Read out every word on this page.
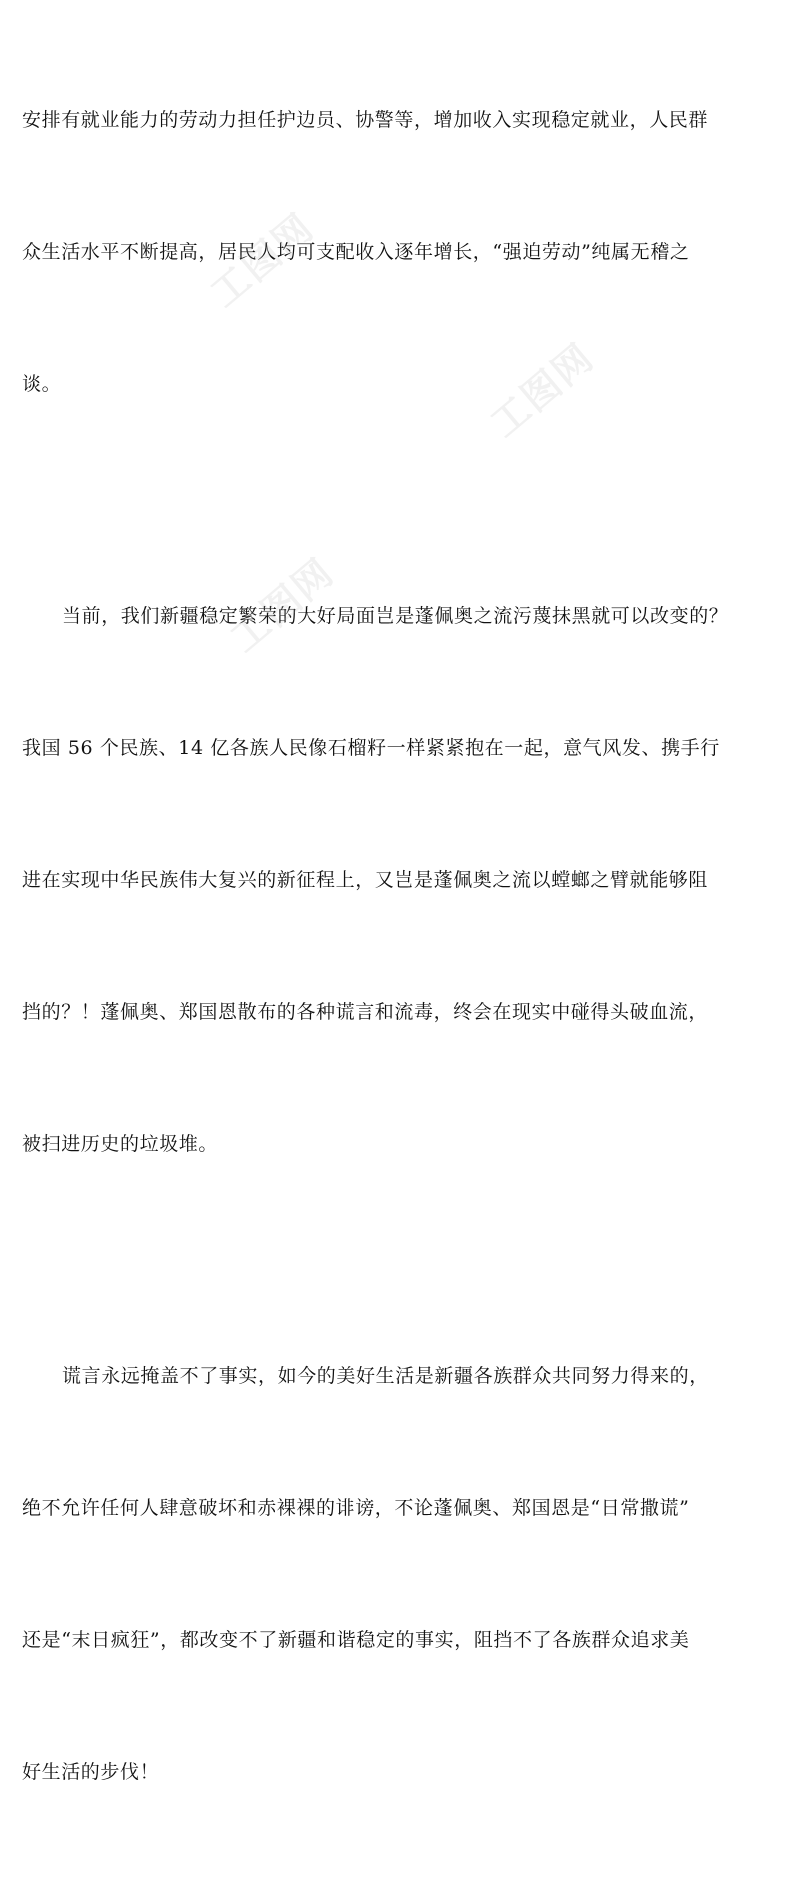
安排有就业能力的劳动力担任护边员、协警等，增加收入实现稳定就业，人民群

众生活水平不断提高，居民人均可支配收入逐年增长，“强迫劳动”纯属无稽之

谈。

当前，我们新疆稳定繁荣的大好局面岂是蓬佩奥之流污蔑抹黑就可以改变的？

我国 56 个民族、14 亿各族人民像石榴籽一样紧紧抱在一起，意气风发、携手行

进在实现中华民族伟大复兴的新征程上，又岂是蓬佩奥之流以螳螂之臂就能够阻

挡的？！蓬佩奥、郑国恩散布的各种谎言和流毒，终会在现实中碰得头破血流，

被扫进历史的垃圾堆。

谎言永远掩盖不了事实，如今的美好生活是新疆各族群众共同努力得来的，

绝不允许任何人肆意破坏和赤裸裸的诽谤，不论蓬佩奥、郑国恩是“日常撒谎”

还是“末日疯狂”，都改变不了新疆和谐稳定的事实，阻挡不了各族群众追求美

好生活的步伐！

工图网
工图网
工图网
